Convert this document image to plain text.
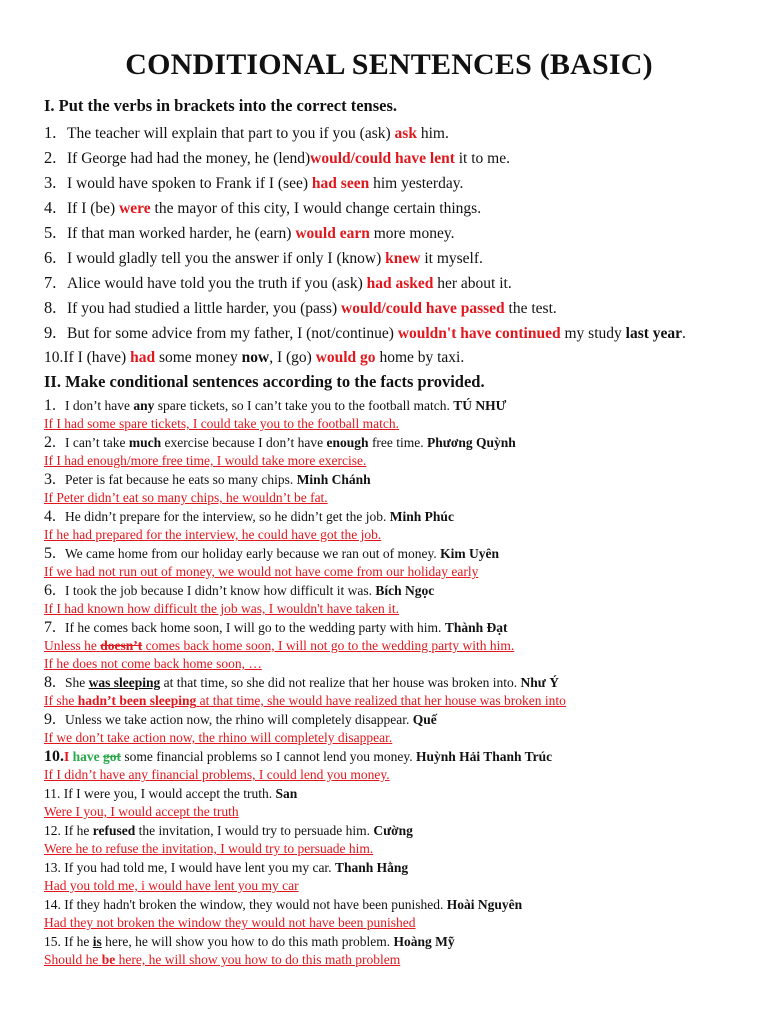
CONDITIONAL SENTENCES (BASIC)
I. Put the verbs in brackets into the correct tenses.
1. The teacher will explain that part to you if you (ask) ask him.
2. If George had had the money, he (lend)would/could have lent it to me.
3. I would have spoken to Frank if I (see) had seen him yesterday.
4. If I (be) were the mayor of this city, I would change certain things.
5. If that man worked harder, he (earn) would earn more money.
6. I would gladly tell you the answer if only I (know) knew it myself.
7. Alice would have told you the truth if you (ask) had asked her about it.
8. If you had studied a little harder, you (pass) would/could have passed the test.
9. But for some advice from my father, I (not/continue) wouldn't have continued my study last year.
10.If I (have) had some money now, I (go) would go home by taxi.
II. Make conditional sentences according to the facts provided.
1. I don’t have any spare tickets, so I can’t take you to the football match. TÚ NHƯ
If I had some spare tickets, I could take you to the football match.
2. I can’t take much exercise because I don’t have enough free time. Phương Quỳnh
If I had enough/more free time, I would take more exercise.
3. Peter is fat because he eats so many chips. Minh Chánh
If Peter didn’t eat so many chips, he wouldn’t be fat.
4. He didn’t prepare for the interview, so he didn’t get the job. Minh Phúc
If he had prepared for the interview, he could have got the job.
5. We came home from our holiday early because we ran out of money. Kim Uyên
If we had not run out of money, we would not have come from our holiday early
6. I took the job because I didn’t know how difficult it was. Bích Ngọc
If I had known how difficult the job was, I wouldn't have taken it.
7. If he comes back home soon, I will go to the wedding party with him. Thành Đạt
Unless he doesn’t comes back home soon, I will not go to the wedding party with him.
If he does not come back home soon, …
8. She was sleeping at that time, so she did not realize that her house was broken into. Như Ý
If she hadn’t been sleeping at that time, she would have realized that her house was broken into
9. Unless we take action now, the rhino will completely disappear. Quế
If we don’t take action now, the rhino will completely disappear.
10.I have got some financial problems so I cannot lend you money. Huỳnh Hải Thanh Trúc
If I didn’t have any financial problems, I could lend you money.
11. If I were you, I would accept the truth. San
Were I you, I would accept the truth
12. If he refused the invitation, I would try to persuade him. Cường
Were he to refuse the invitation, I would try to persuade him.
13. If you had told me, I would have lent you my car. Thanh Hằng
Had you told me, i would have lent you my car
14. If they hadn't broken the window, they would not have been punished. Hoài Nguyên
Had they not broken the window they would not have been punished
15. If he is here, he will show you how to do this math problem. Hoàng Mỹ
Should he be here, he will show you how to do this math problem
